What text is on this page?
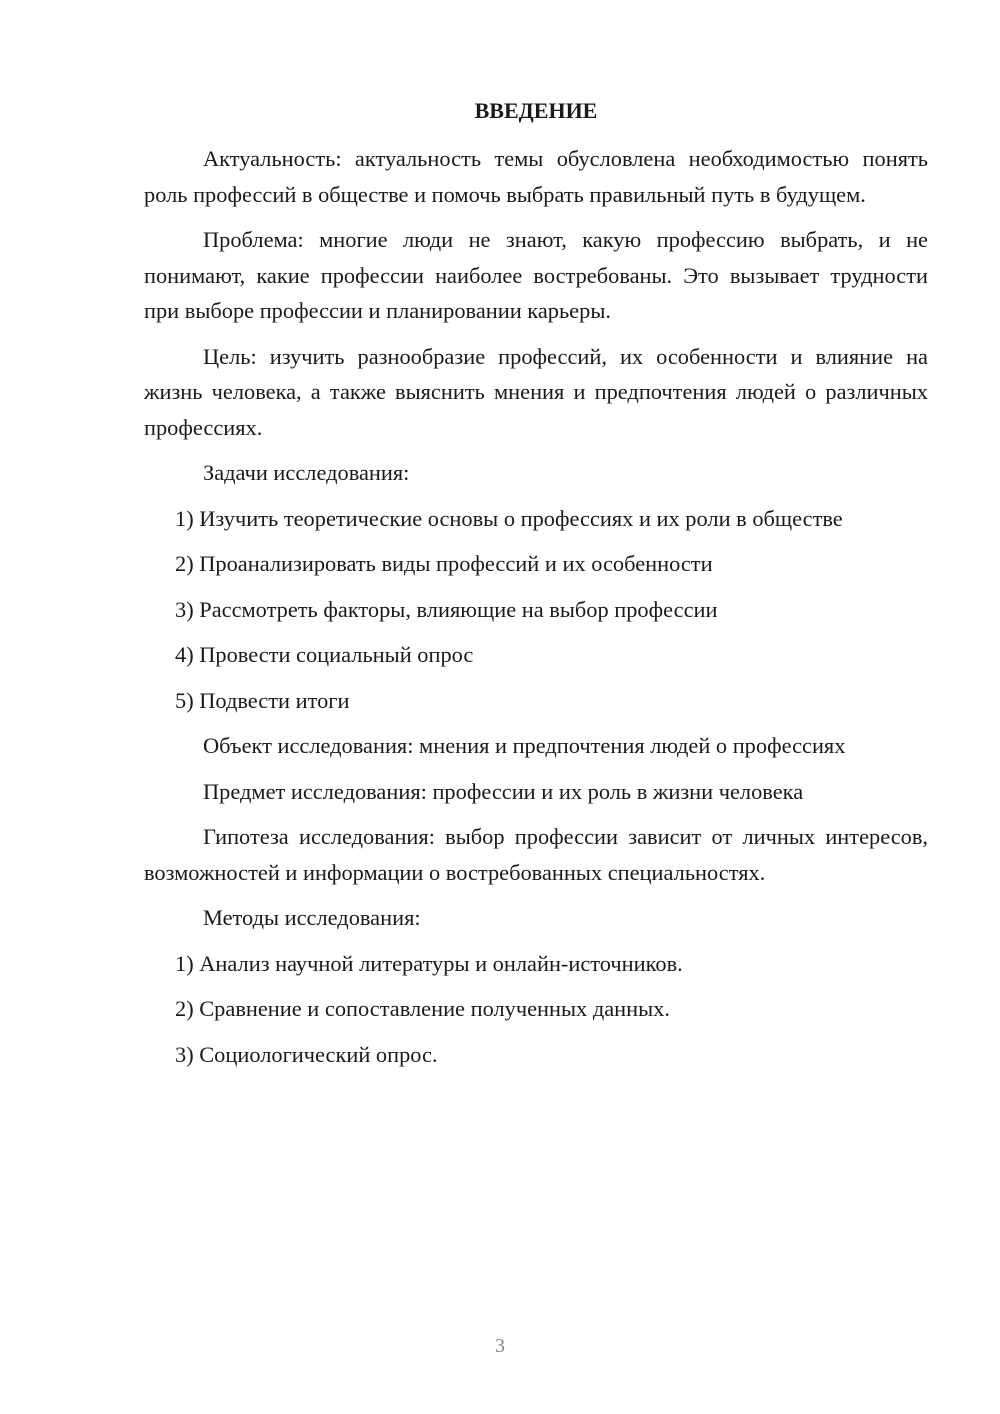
ВВЕДЕНИЕ

Актуальность: актуальность темы обусловлена необходимостью понять роль профессий в обществе и помочь выбрать правильный путь в будущем.

Проблема: многие люди не знают, какую профессию выбрать, и не понимают, какие профессии наиболее востребованы. Это вызывает трудности при выборе профессии и планировании карьеры.

Цель: изучить разнообразие профессий, их особенности и влияние на жизнь человека, а также выяснить мнения и предпочтения людей о различных профессиях.

Задачи исследования:
1) Изучить теоретические основы о профессиях и их роли в обществе
2) Проанализировать виды профессий и их особенности
3) Рассмотреть факторы, влияющие на выбор профессии
4) Провести социальный опрос
5) Подвести итоги
Объект исследования: мнения и предпочтения людей о профессиях
Предмет исследования: профессии и их роль в жизни человека

Гипотеза исследования: выбор профессии зависит от личных интересов, возможностей и информации о востребованных специальностях.

Методы исследования:
1) Анализ научной литературы и онлайн-источников.
2) Сравнение и сопоставление полученных данных.
3) Социологический опрос.
3
